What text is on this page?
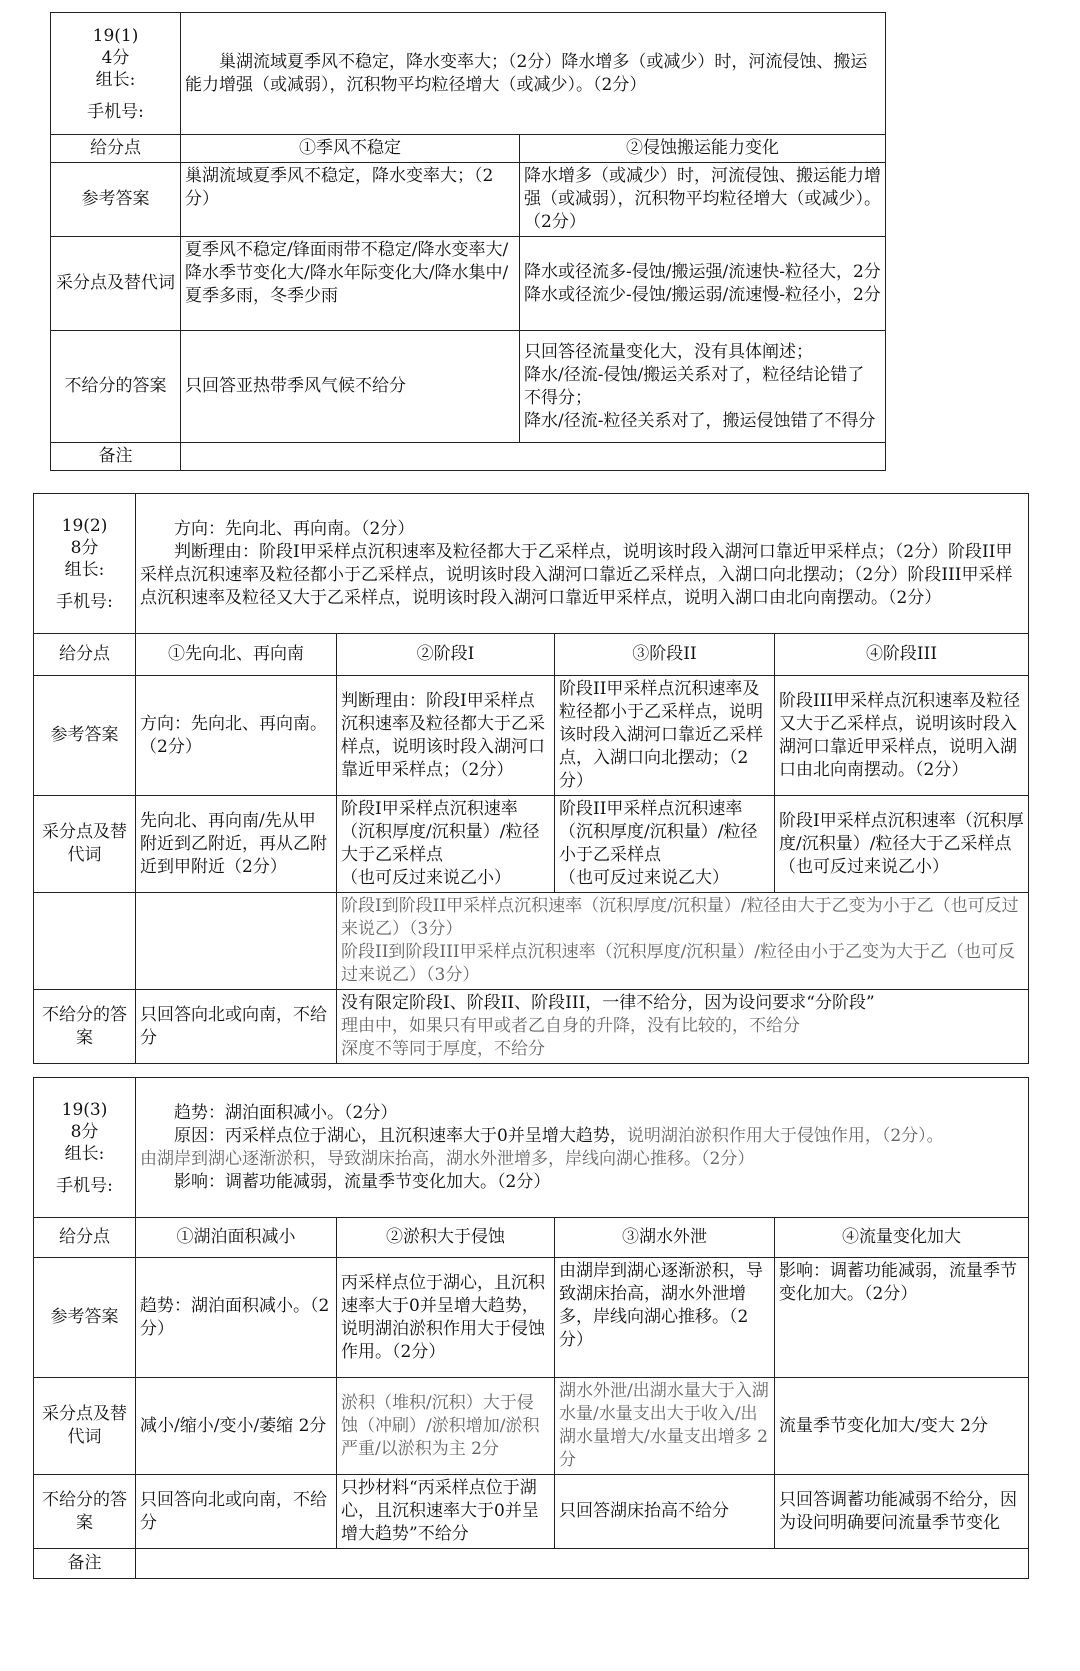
19(1)
4分
组长:
手机号:	巢湖流域夏季风不稳定，降水变率大；（2分）降水增多（或减少）时，河流侵蚀、搬运能力增强（或减弱），沉积物平均粒径增大（或减少）。（2分）	

给分点	①季风不稳定	②侵蚀搬运能力变化
参考答案	巢湖流域夏季风不稳定，降水变率大；（2分）	降水增多（或减少）时，河流侵蚀、搬运能力增强（或减弱），沉积物平均粒径增大（或减少）。（2分）
采分点及替代词	夏季风不稳定/锋面雨带不稳定/降水变率大/降水季节变化大/降水年际变化大/降水集中/夏季多雨，冬季少雨	降水或径流多-侵蚀/搬运强/流速快-粒径大，2分
降水或径流少-侵蚀/搬运弱/流速慢-粒径小，2分

不给分的答案	只回答亚热带季风气候不给分	只回答径流量变化大，没有具体阐述；
降水/径流-侵蚀/搬运关系对了，粒径结论错了不得分；
降水/径流-粒径关系对了，搬运侵蚀错了不得分

备注		
19(2)
8分
组长:
手机号:	方向：先向北、再向南。（2分）
判断理由：阶段I甲采样点沉积速率及粒径都大于乙采样点，说明该时段入湖河口靠近甲采样点；（2分）阶段II甲采样点沉积速率及粒径都小于乙采样点，说明该时段入湖河口靠近乙采样点，入湖口向北摆动；（2分）阶段III甲采样点沉积速率及粒径又大于乙采样点，说明该时段入湖河口靠近甲采样点，说明入湖口由北向南摆动。（2分）			

给分点	①先向北、再向南	②阶段I	③阶段II	④阶段III
参考答案	方向：先向北、再向南。（2分）	判断理由：阶段I甲采样点沉积速率及粒径都大于乙采样点，说明该时段入湖河口靠近甲采样点；（2分）	阶段II甲采样点沉积速率及粒径都小于乙采样点，说明该时段入湖河口靠近乙采样点，入湖口向北摆动；（2分）	阶段III甲采样点沉积速率及粒径又大于乙采样点，说明该时段入湖河口靠近甲采样点，说明入湖口由北向南摆动。（2分）
采分点及替代词	先向北、再向南/先从甲附近到乙附近，再从乙附近到甲附近（2分）	阶段I甲采样点沉积速率（沉积厚度/沉积量）/粒径大于乙采样点
（也可反过来说乙小）	阶段II甲采样点沉积速率（沉积厚度/沉积量）/粒径小于乙采样点
（也可反过来说乙大）	阶段I甲采样点沉积速率（沉积厚度/沉积量）/粒径大于乙采样点
（也可反过来说乙小）

		阶段I到阶段II甲采样点沉积速率（沉积厚度/沉积量）/粒径由大于乙变为小于乙（也可反过来说乙）（3分）
阶段II到阶段III甲采样点沉积速率（沉积厚度/沉积量）/粒径由小于乙变为大于乙（也可反过来说乙）（3分）		

不给分的答案	只回答向北或向南，不给分	没有限定阶段I、阶段II、阶段III，一律不给分，因为设问要求“分阶段”
理由中，如果只有甲或者乙自身的升降，没有比较的，不给分
深度不等同于厚度，不给分		
19(3)
8分
组长:
手机号:	趋势：湖泊面积减小。（2分）
原因：丙采样点位于湖心，且沉积速率大于0并呈增大趋势，说明湖泊淤积作用大于侵蚀作用，（2分）。
由湖岸到湖心逐渐淤积，导致湖床抬高，湖水外泄增多，岸线向湖心推移。（2分）
影响：调蓄功能减弱，流量季节变化加大。（2分）			

给分点	①湖泊面积减小	②淤积大于侵蚀	③湖水外泄	④流量变化加大
参考答案	趋势：湖泊面积减小。（2分）	丙采样点位于湖心，且沉积速率大于0并呈增大趋势，说明湖泊淤积作用大于侵蚀作用。（2分）	由湖岸到湖心逐渐淤积，导致湖床抬高，湖水外泄增多，岸线向湖心推移。（2分）	影响：调蓄功能减弱，流量季节变化加大。（2分）
采分点及替代词	减小/缩小/变小/萎缩 2分	淤积（堆积/沉积）大于侵蚀（冲刷）/淤积增加/淤积严重/以淤积为主 2分	湖水外泄/出湖水量大于入湖水量/水量支出大于收入/出湖水量增大/水量支出增多 2分	流量季节变化加大/变大 2分
不给分的答案	只回答向北或向南，不给分	只抄材料“丙采样点位于湖心，且沉积速率大于0并呈增大趋势”不给分	只回答湖床抬高不给分	只回答调蓄功能减弱不给分，因为设问明确要问流量季节变化
备注				
